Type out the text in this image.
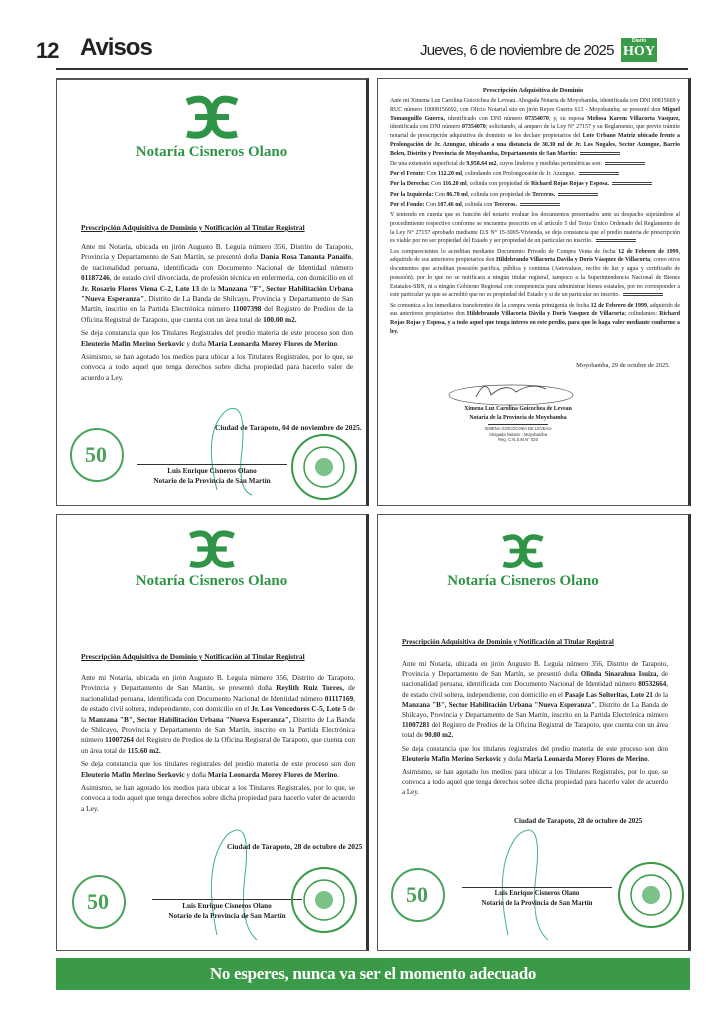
12 Avisos	Jueves, 6 de noviembre de 2025
Diario
HOY
Notaría Cisneros Olano
Prescripción Adquisitiva de Dominio y Notificación al Titular Registral

Ante mi Notaría, ubicada en jirón Augusto B. Leguía número 356, Distrito de Tarapoto, Provincia y Departamento de San Martín, se presentó doña Danía Rosa Tananta Panaifo, de nacionalidad peruana, identificada con Documento Nacional de Identidad número 01187246, de estado civil divorciada, de profesión técnica en enfermería, con domicilio en el Jr. Rosario Flores Viena C-2, Lote 13 de la Manzana "F", Sector Habilitación Urbana "Nueva Esperanza", Distrito de La Banda de Shilcayo, Provincia y Departamento de San Martín, inscrito en la Partida Electrónica número 11007398 del Registro de Predios de la Oficina Registral de Tarapoto, que cuenta con un área total de 100.00 m2.

Se deja constancia que los Titulares Registrales del predio materia de este proceso son don Eleuterio Mafin Merino Serkovic y doña María Leonarda Morey Flores de Merino.

Asimismo, se han agotado los medios para ubicar a los Titulares Registrales, por lo que, se convoca a todo aquel que tenga derechos sobre dicha propiedad para hacerlo valer de acuerdo a Ley.

Ciudad de Tarapoto, 04 de noviembre de 2025.
50
Luis Enrique Cisneros Olano
Notario de la Provincia de San Martín
Prescripción Adquisitiva de Dominio

Ante mi Ximena Luz Carolina Goicochea de Leveau. Abogada Notaria de Moyobamba, identificada con DNI 00815669 y RUC número 10008156692, con Oficio Notarial sito en jirón Reyes Guerra 613 - Moyobamba; se presentó don Miguel Tomanguillo Guerra, identificado con DNI número 07354070; y, su esposa Melissa Karem Villacorta Vasquez, identificada con DNI número 07354070; solicitando, al amparo de la Ley N° 27157 y su Reglamento, que previo trámite notarial de prescripción adquisitiva de dominio se les declare propietarios del Lote Urbano Matriz ubicado frente a Prolongación de Jr. Azungue, ubicado a una distancia de 30.30 ml de Jr. Los Nogales, Sector Azungue, Barrio Belen, Distrito y Provincia de Moyobamba, Departamento de San Martín:

De una extensión superficial de 9,958.64 m2, cuyos linderos y medidas perimétricas son:

Por el Frente: Con 112.20 ml, colindando con Prolongocaión de Jr. Azungue.

Por la Derecha: Con 116.20 ml, colinda con propiedad de Richard Rojas Rojas y Esposa.

Por la Izquierda: Con 86.70 ml, colinda con propiedad de Terceros.

Por el Fondo: Con 107.46 ml, colinda con Terceros.

Y teniendo en cuenta que es función del notario evaluar los documentos presentados ante su despacho sujetándose al procedimiento respectivo conforme se encuentra prescrito en el artículo 5 del Texto Único Ordenado del Reglamento de la Ley N° 27157 aprobado mediante D.S N° 15-3005-Vivienda, se deja constancia que el predio materia de prescripción es viable por no ser propiedad del Estado y ser propiedad de un particular no inscrito.

Los comparecientes lo acreditan mediante Documento Privado de Compra Venta de fecha 12 de Febrero de 1999, adquirido de sus anteriores propietarios don Hildebrando Villacorta Davila y Doris Vásquez de Villacorta; como otros documentos que acreditan posesión pacifica, pública y continua (Autovaluos, recibo de luz y agua y certificado de posesión). por lo que no se notificara a ningún titular registral, tampoco a la Superintendencia Nacional de Bienes Estatales-SBN, ni a ningún Gobierno Regional con competencia para administrar bienes estatales, por no corresponder a este particular ya que se acreditó que no es propiedad del Estado y si de un particular no inscrito.

Se comunica a los inmediatos transferentes de la compra venta primigenia de fecha 12 de Febrero de 1999, adquirido de sus anteriores propietarios don Hildebrando Villacorta Dávila y Doris Vasquez de Villacorta; colindantes: Richard Rojas Rojas y Esposa, y a todo aquel que tenga interes en este predio, para que lo haga valer mediante conforme a ley.

Moyobamba, 29 de octubre de 2025.
Ximena Luz Carolina Goicochea de Leveau
Notaria de la Provincia de Moyobamba
XIMENA GOICOCHEA DE LEVEAU
Abogada Notario - Moyobamba
Reg. C.N.S.M.N° 020
Notaría Cisneros Olano
Prescripción Adquisitiva de Dominio y Notificación al Titular Registral

Ante mi Notaría, ubicada en jirón Augusto B. Leguía número 356, Distrito de Tarapoto, Provincia y Departamento de San Martín, se presentó doña Reylith Ruiz Torres, de nacionalidad peruana, identificada con Documento Nacional de Identidad número 01117169, de estado civil soltera, independiente, con domicilio en el Jr. Los Vencedores C-5, Lote 5 de la Manzana "B", Sector Habilitación Urbana "Nueva Esperanza", Distrito de La Banda de Shilcayo, Provincia y Departamento de San Martín, inscrito en la Partida Electrónica número 11007264 del Registro de Predios de la Oficina Registral de Tarapoto, que cuenta con un área total de 115.60 m2.

Se deja constancia que los titulares registrales del predio materia de este proceso son don Eleuterio Mafin Merino Serkovic y doña Maria Leonarda Morey Flores de Merino.

Asimismo, se han agotado los medios para ubicar a los Titulares Registrales, por lo que, se convoca a todo aquel que tenga derechos sobre dicha propiedad para hacerlo valer de acuerdo a Ley.

Ciudad de Tarapoto, 28 de octubre de 2025
50	Luis Enrique Cisneros Olano
Notario de la Provincia de San Martín
Notaría Cisneros Olano
Prescripción Adquisitiva de Dominio y Notificación al Titular Registral

Ante mi Notaría, ubicada en jirón Augusto B. Leguía número 356, Distrito de Tarapoto, Provincia y Departamento de San Martín, se presentó doña Olinda Sinarahua Isuiza, de nacionalidad peruana, identificada con Documento Nacional de Identidad número 80532664, de estado civil soltera, independiente, con domicilio en el Pasaje Las Solteritas, Lote 21 de la Manzana "B", Sector Habilitación Urbana "Nueva Esperanza", Distrito de La Banda de Shilcayo, Provincia y Departamento de San Martín, inscrito en la Partida Electrónica número 11007281 del Registro de Predios de la Oficina Registral de Tarapoto, que cuenta con un área total de 90.80 m2.

Se deja constancia que los titulares registrales del predio materia de este proceso son don Eleuterio Mafin Merino Serkovic y doña Maria Leonarda Morey Flores de Merino.

Asimismo, se han agotado los medios para ubicar a los Titulares Registrales, por lo que, se convoca a todo aquel que tenga derechos sobre dicha propiedad para hacerlo valer de acuerdo a Ley.

Ciudad de Tarapoto, 28 de octubre de 2025
50	Luis Enrique Cisneros Olano
Notario de la Provincia de San Martín
No esperes, nunca va ser el momento adecuado
